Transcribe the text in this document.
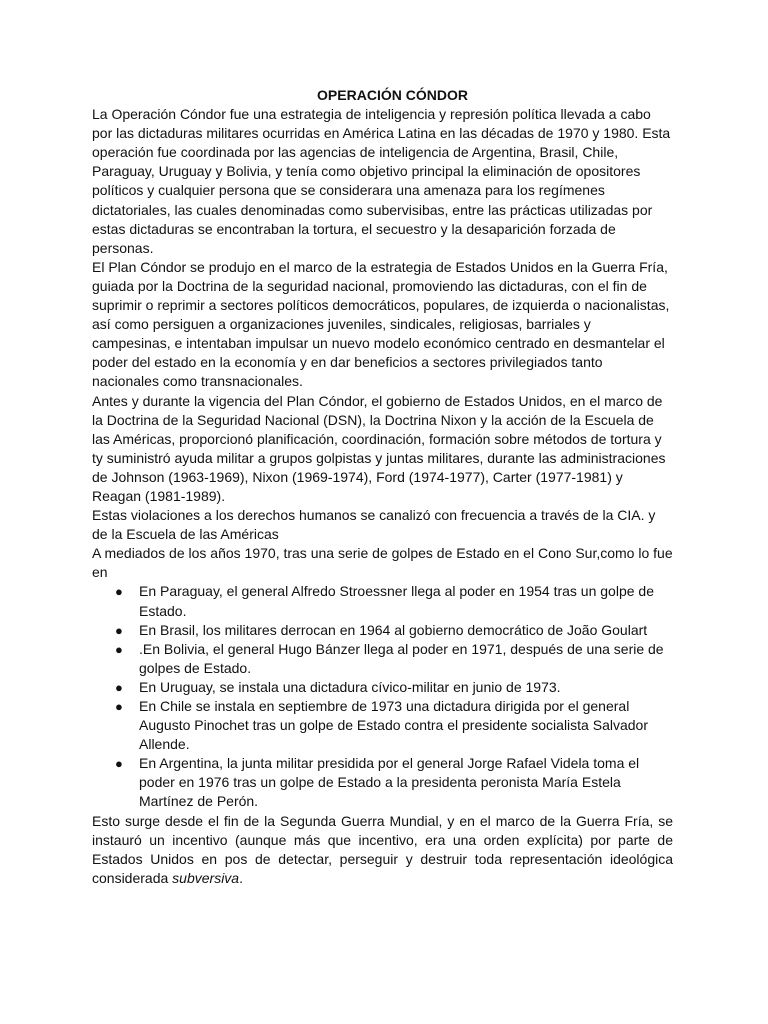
OPERACIÓN CÓNDOR

La Operación Cóndor fue una estrategia de inteligencia y represión política llevada a cabo por las dictaduras militares ocurridas en América Latina en las décadas de 1970 y 1980. Esta operación fue coordinada por las agencias de inteligencia de Argentina, Brasil, Chile, Paraguay, Uruguay y Bolivia, y tenía como objetivo principal la eliminación de opositores políticos y cualquier persona que se considerara una amenaza para los regímenes dictatoriales, las cuales denominadas como subervisibas, entre las prácticas utilizadas por estas dictaduras se encontraban la tortura, el secuestro y la desaparición forzada de personas.

El Plan Cóndor se produjo en el marco de la estrategia de Estados Unidos en la Guerra Fría, guiada por la Doctrina de la seguridad nacional, promoviendo las dictaduras, con el fin de suprimir o reprimir a sectores políticos democráticos, populares, de izquierda o nacionalistas, así como persiguen a organizaciones juveniles, sindicales, religiosas, barriales y campesinas, e intentaban impulsar un nuevo modelo económico centrado en desmantelar el poder del estado en la economía y en dar beneficios a sectores privilegiados tanto nacionales como transnacionales.

Antes y durante la vigencia del Plan Cóndor, el gobierno de Estados Unidos, en el marco de la Doctrina de la Seguridad Nacional (DSN), la Doctrina Nixon y la acción de la Escuela de las Américas, proporcionó planificación, coordinación, formación sobre métodos de tortura y ty suministró ayuda militar a grupos golpistas y juntas militares, durante las administraciones de Johnson (1963-1969), Nixon (1969-1974), Ford (1974-1977), Carter (1977-1981) y Reagan (1981-1989).

Estas violaciones a los derechos humanos se canalizó con frecuencia a través de la CIA. y de la Escuela de las Américas

A mediados de los años 1970, tras una serie de golpes de Estado en el Cono Sur,como lo fue en

● En Paraguay, el general Alfredo Stroessner llega al poder en 1954 tras un golpe de Estado.
● En Brasil, los militares derrocan en 1964 al gobierno democrático de João Goulart
● .En Bolivia, el general Hugo Bánzer llega al poder en 1971, después de una serie de golpes de Estado.
● En Uruguay, se instala una dictadura cívico-militar en junio de 1973.
● En Chile se instala en septiembre de 1973 una dictadura dirigida por el general Augusto Pinochet tras un golpe de Estado contra el presidente socialista Salvador Allende.
● En Argentina, la junta militar presidida por el general Jorge Rafael Videla toma el poder en 1976 tras un golpe de Estado a la presidenta peronista María Estela Martínez de Perón.

Esto surge desde el fin de la Segunda Guerra Mundial, y en el marco de la Guerra Fría, se instauró un incentivo (aunque más que incentivo, era una orden explícita) por parte de Estados Unidos en pos de detectar, perseguir y destruir toda representación ideológica considerada subversiva.
